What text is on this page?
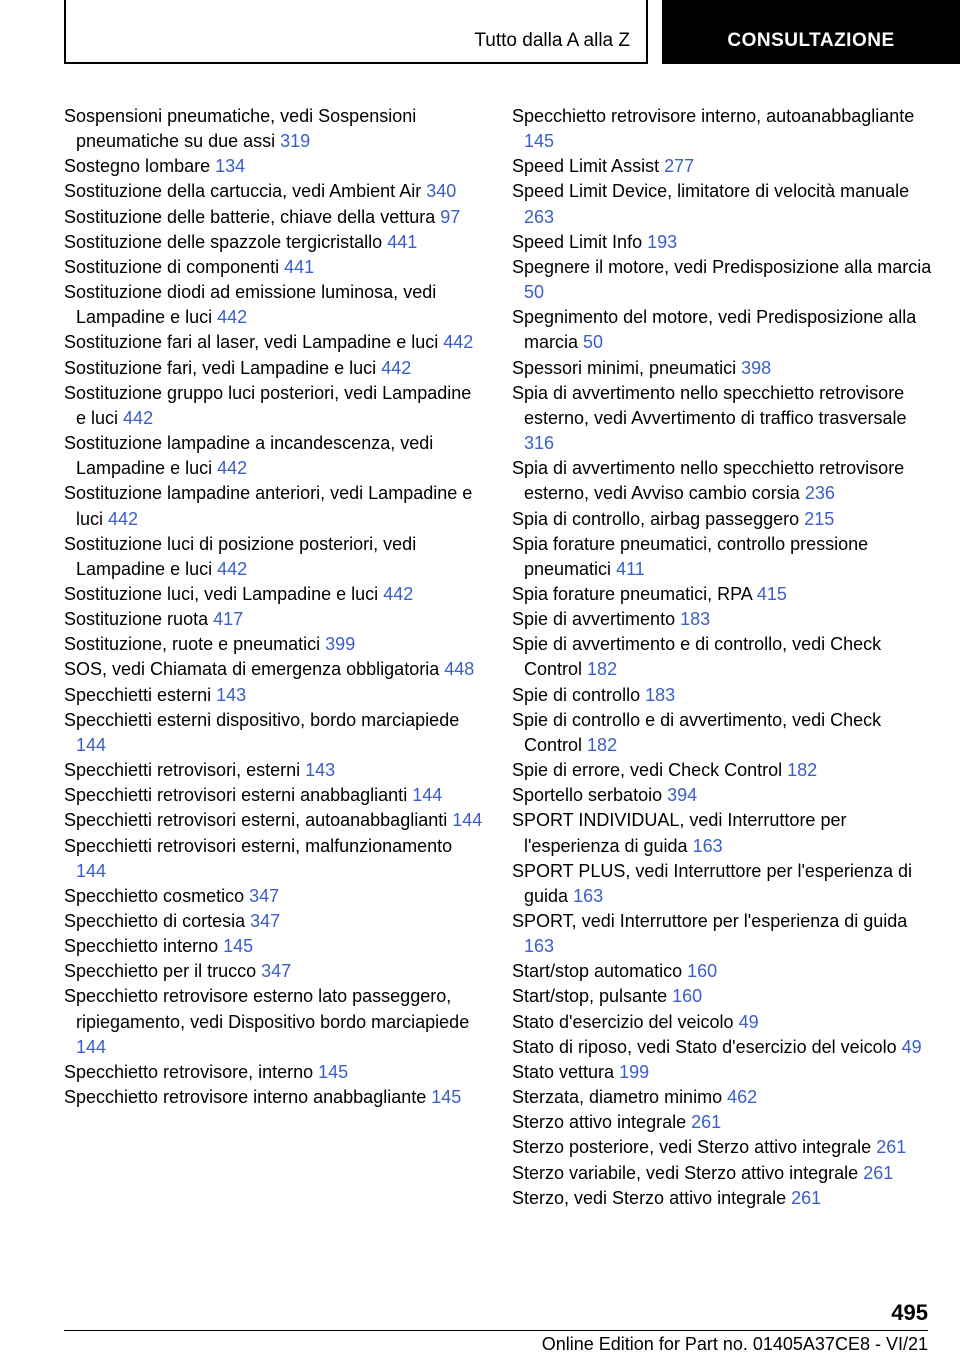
Tutto dalla A alla Z	CONSULTAZIONE
Sospensioni pneumatiche, vedi Sospensioni pneumatiche su due assi 319
Sostegno lombare 134
Sostituzione della cartuccia, vedi Ambient Air 340
Sostituzione delle batterie, chiave della vettura 97
Sostituzione delle spazzole tergicristallo 441
Sostituzione di componenti 441
Sostituzione diodi ad emissione luminosa, vedi Lampadine e luci 442
Sostituzione fari al laser, vedi Lampadine e luci 442
Sostituzione fari, vedi Lampadine e luci 442
Sostituzione gruppo luci posteriori, vedi Lampadine e luci 442
Sostituzione lampadine a incandescenza, vedi Lampadine e luci 442
Sostituzione lampadine anteriori, vedi Lampadine e luci 442
Sostituzione luci di posizione posteriori, vedi Lampadine e luci 442
Sostituzione luci, vedi Lampadine e luci 442
Sostituzione ruota 417
Sostituzione, ruote e pneumatici 399
SOS, vedi Chiamata di emergenza obbligatoria 448
Specchietti esterni 143
Specchietti esterni dispositivo, bordo marciapiede 144
Specchietti retrovisori, esterni 143
Specchietti retrovisori esterni anabbaglianti 144
Specchietti retrovisori esterni, autoanabbaglianti 144
Specchietti retrovisori esterni, malfunzionamento 144
Specchietto cosmetico 347
Specchietto di cortesia 347
Specchietto interno 145
Specchietto per il trucco 347
Specchietto retrovisore esterno lato passeggero, ripiegamento, vedi Dispositivo bordo marciapiede 144
Specchietto retrovisore, interno 145
Specchietto retrovisore interno anabbagliante 145
Specchietto retrovisore interno, autoanabbagliante 145
Speed Limit Assist 277
Speed Limit Device, limitatore di velocità manuale 263
Speed Limit Info 193
Spegnere il motore, vedi Predisposizione alla marcia 50
Spegnimento del motore, vedi Predisposizione alla marcia 50
Spessori minimi, pneumatici 398
Spia di avvertimento nello specchietto retrovisore esterno, vedi Avvertimento di traffico trasversale 316
Spia di avvertimento nello specchietto retrovisore esterno, vedi Avviso cambio corsia 236
Spia di controllo, airbag passeggero 215
Spia forature pneumatici, controllo pressione pneumatici 411
Spia forature pneumatici, RPA 415
Spie di avvertimento 183
Spie di avvertimento e di controllo, vedi Check Control 182
Spie di controllo 183
Spie di controllo e di avvertimento, vedi Check Control 182
Spie di errore, vedi Check Control 182
Sportello serbatoio 394
SPORT INDIVIDUAL, vedi Interruttore per l'esperienza di guida 163
SPORT PLUS, vedi Interruttore per l'esperienza di guida 163
SPORT, vedi Interruttore per l'esperienza di guida 163
Start/stop automatico 160
Start/stop, pulsante 160
Stato d'esercizio del veicolo 49
Stato di riposo, vedi Stato d'esercizio del veicolo 49
Stato vettura 199
Sterzata, diametro minimo 462
Sterzo attivo integrale 261
Sterzo posteriore, vedi Sterzo attivo integrale 261
Sterzo variabile, vedi Sterzo attivo integrale 261
Sterzo, vedi Sterzo attivo integrale 261
495
Online Edition for Part no. 01405A37CE8 - VI/21
